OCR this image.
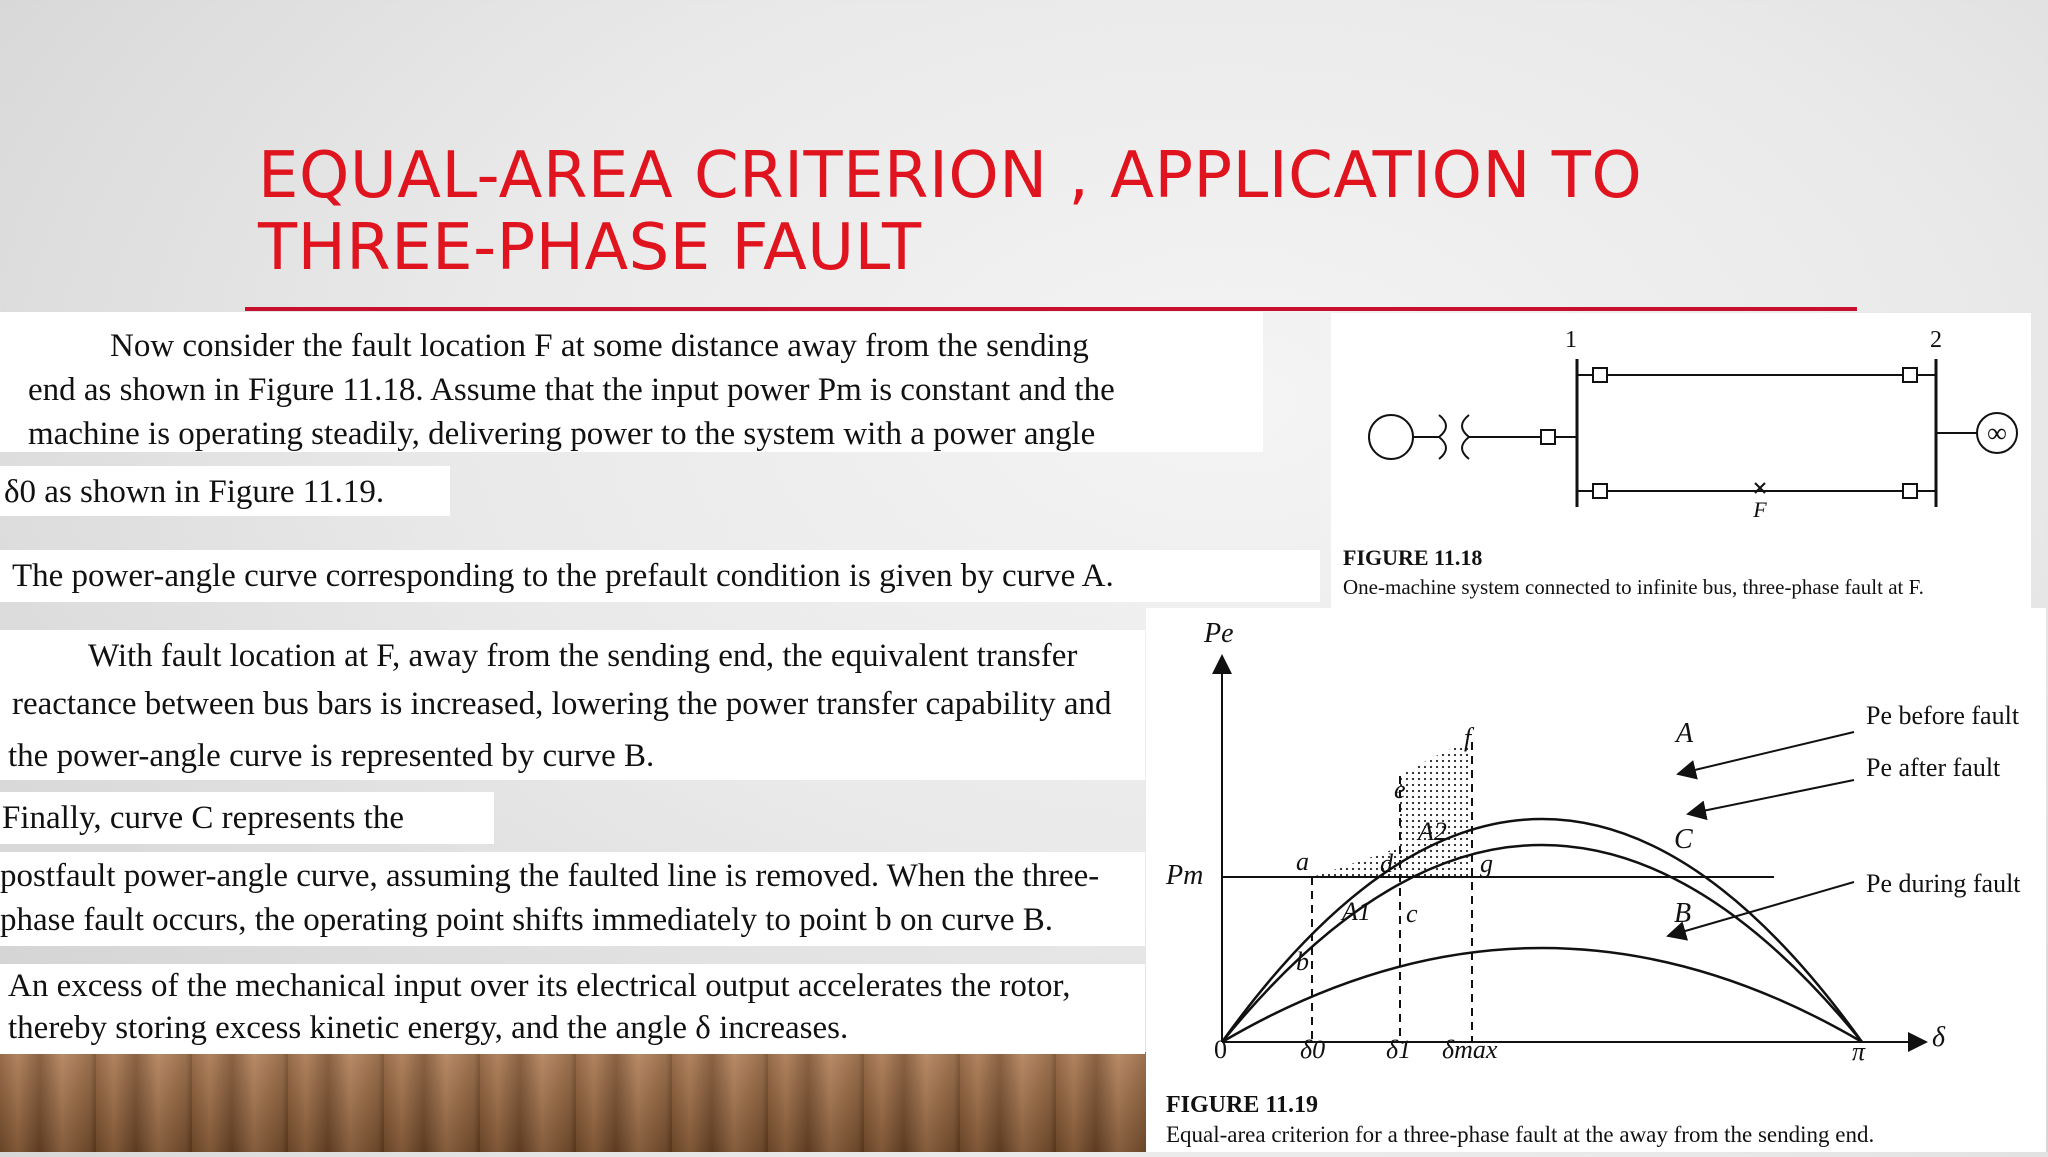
EQUAL-AREA CRITERION , APPLICATION TO
THREE-PHASE FAULT
Now consider the fault location F at some distance away from the sending
end as shown in Figure 11.18. Assume that the input power Pm is constant and the
machine is operating steadily, delivering power to the system with a power angle
δ0 as shown in Figure 11.19.
The power-angle curve corresponding to the prefault condition is given by curve A.
With fault location at F, away from the sending end, the equivalent transfer
reactance between bus bars is increased, lowering the power transfer capability and
the power-angle curve is represented by curve B.
Finally, curve C represents the
postfault power-angle curve, assuming the faulted line is removed. When the three-
phase fault occurs, the operating point shifts immediately to point b on curve B.
An excess of the mechanical input over its electrical output accelerates the rotor,
thereby storing excess kinetic energy, and the angle δ increases.
1	2
F
∞
FIGURE 11.18
One-machine system connected to infinite bus, three-phase fault at F.
Pe
δ
Pm
0	δ0 δ1 δmax	π
A
C
B
a
b
c
d
e
f
g
A1
A2
Pe before fault
Pe after fault
Pe during fault
FIGURE 11.19
Equal-area criterion for a three-phase fault at the away from the sending end.
